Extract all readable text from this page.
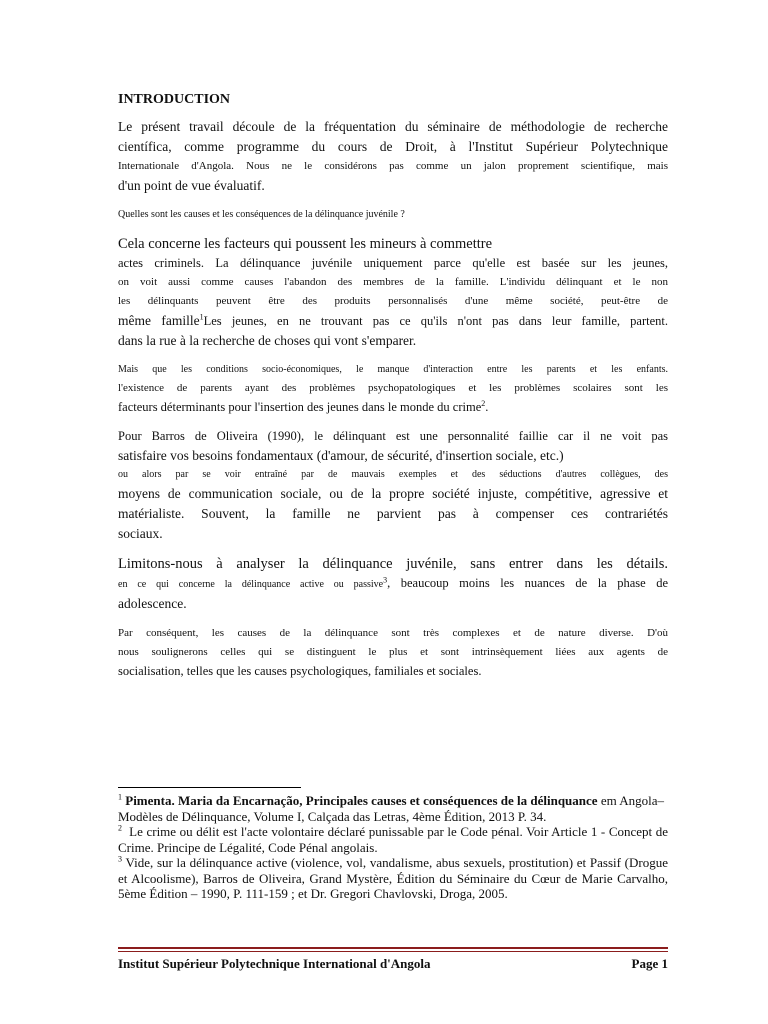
INTRODUCTION
Le présent travail découle de la fréquentation du séminaire de méthodologie de recherche
científica, comme programme du cours de Droit, à l'Institut Supérieur Polytechnique
Internationale d'Angola. Nous ne le considérons pas comme un jalon proprement scientifique, mais
d'un point de vue évaluatif.
Quelles sont les causes et les conséquences de la délinquance juvénile ?
Cela concerne les facteurs qui poussent les mineurs à commettre
actes criminels. La délinquance juvénile uniquement parce qu'elle est basée sur les jeunes,
on voit aussi comme causes l'abandon des membres de la famille. L'individu délinquant et le non
les délinquants peuvent être des produits personnalisés d'une même société, peut-être de
même famille$^1$Les jeunes, en ne trouvant pas ce qu'ils n'ont pas dans leur famille, partent.
dans la rue à la recherche de choses qui vont s'emparer.
Mais que les conditions socio-économiques, le manque d'interaction entre les parents et les enfants.
l'existence de parents ayant des problèmes psychopatologiques et les problèmes scolaires sont les
facteurs déterminants pour l'insertion des jeunes dans le monde du crime$^2$.
Pour Barros de Oliveira (1990), le délinquant est une personnalité faillie car il ne voit pas
satisfaire vos besoins fondamentaux (d'amour, de sécurité, d'insertion sociale, etc.)
ou alors par se voir entraîné par de mauvais exemples et des séductions d'autres collègues, des
moyens de communication sociale, ou de la propre société injuste, compétitive, agressive et
matérialiste. Souvent, la famille ne parvient pas à compenser ces contrariétés
sociaux.
Limitons-nous à analyser la délinquance juvénile, sans entrer dans les détails.
en ce qui concerne la délinquance active ou passive$^3$, beaucoup moins les nuances de la phase de
adolescence.
Par conséquent, les causes de la délinquance sont très complexes et de nature diverse. D'où
nous soulignerons celles qui se distinguent le plus et sont intrinsèquement liées aux agents de
socialisation, telles que les causes psychologiques, familiales et sociales.

$^1$ Pimenta. Maria da Encarnação, Principales causes et conséquences de la délinquance em Angola–Modèles de Délinquance, Volume I, Calçada das Letras, 4ème Édition, 2013 P. 34.

$^2$ Le crime ou délit est l'acte volontaire déclaré punissable par le Code pénal. Voir Article 1 - Concept de Crime. Principe de Légalité, Code Pénal angolais.

$^3$ Vide, sur la délinquance active (violence, vol, vandalisme, abus sexuels, prostitution) et Passif (Drogue et Alcoolisme), Barros de Oliveira, Grand Mystère, Édition du Séminaire du Cœur de Marie Carvalho, 5ème Édition – 1990, P. 111-159 ; et Dr. Gregori Chavlovski, Droga, 2005.

Institut Supérieur Polytechnique International d'Angola	Page 1
